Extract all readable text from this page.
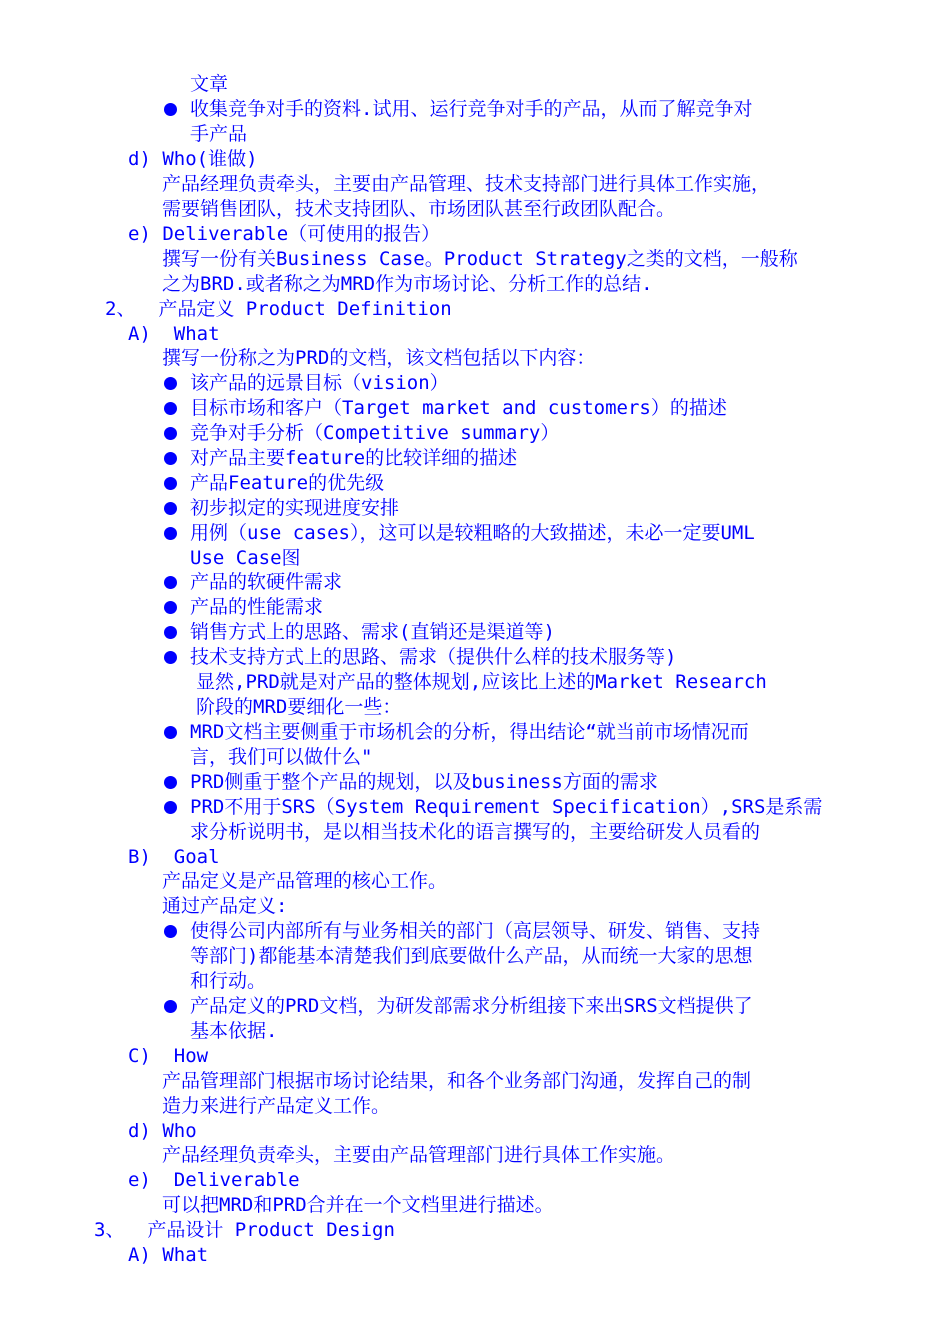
文章
收集竞争对手的资料.试用、运行竞争对手的产品，从而了解竞争对
手产品
d) Who(谁做)
产品经理负责牵头，主要由产品管理、技术支持部门进行具体工作实施，
需要销售团队，技术支持团队、市场团队甚至行政团队配合。
e) Deliverable（可使用的报告）
撰写一份有关Business Case。Product Strategy之类的文档，一般称
之为BRD.或者称之为MRD作为市场讨论、分析工作的总结.
2、  产品定义 Product Definition
A)  What
撰写一份称之为PRD的文档，该文档包括以下内容：
该产品的远景目标（vision）
目标市场和客户（Target market and customers）的描述
竞争对手分析（Competitive summary）
对产品主要feature的比较详细的描述
产品Feature的优先级
初步拟定的实现进度安排
用例（use cases），这可以是较粗略的大致描述，未必一定要UML
Use Case图
产品的软硬件需求
产品的性能需求
销售方式上的思路、需求(直销还是渠道等)
技术支持方式上的思路、需求（提供什么样的技术服务等)
显然,PRD就是对产品的整体规划,应该比上述的Market Research
阶段的MRD要细化一些：
MRD文档主要侧重于市场机会的分析，得出结论“就当前市场情况而
言，我们可以做什么"
PRD侧重于整个产品的规划，以及business方面的需求
PRD不用于SRS（System Requirement Specification）,SRS是系需
求分析说明书，是以相当技术化的语言撰写的，主要给研发人员看的
B)  Goal
产品定义是产品管理的核心工作。
通过产品定义:
使得公司内部所有与业务相关的部门（高层领导、研发、销售、支持
等部门)都能基本清楚我们到底要做什么产品，从而统一大家的思想
和行动。
产品定义的PRD文档，为研发部需求分析组接下来出SRS文档提供了
基本依据.
C)  How
产品管理部门根据市场讨论结果，和各个业务部门沟通，发挥自己的制
造力来进行产品定义工作。
d) Who
产品经理负责牵头，主要由产品管理部门进行具体工作实施。
e)  Deliverable
可以把MRD和PRD合并在一个文档里进行描述。
3、  产品设计 Product Design
A) What
